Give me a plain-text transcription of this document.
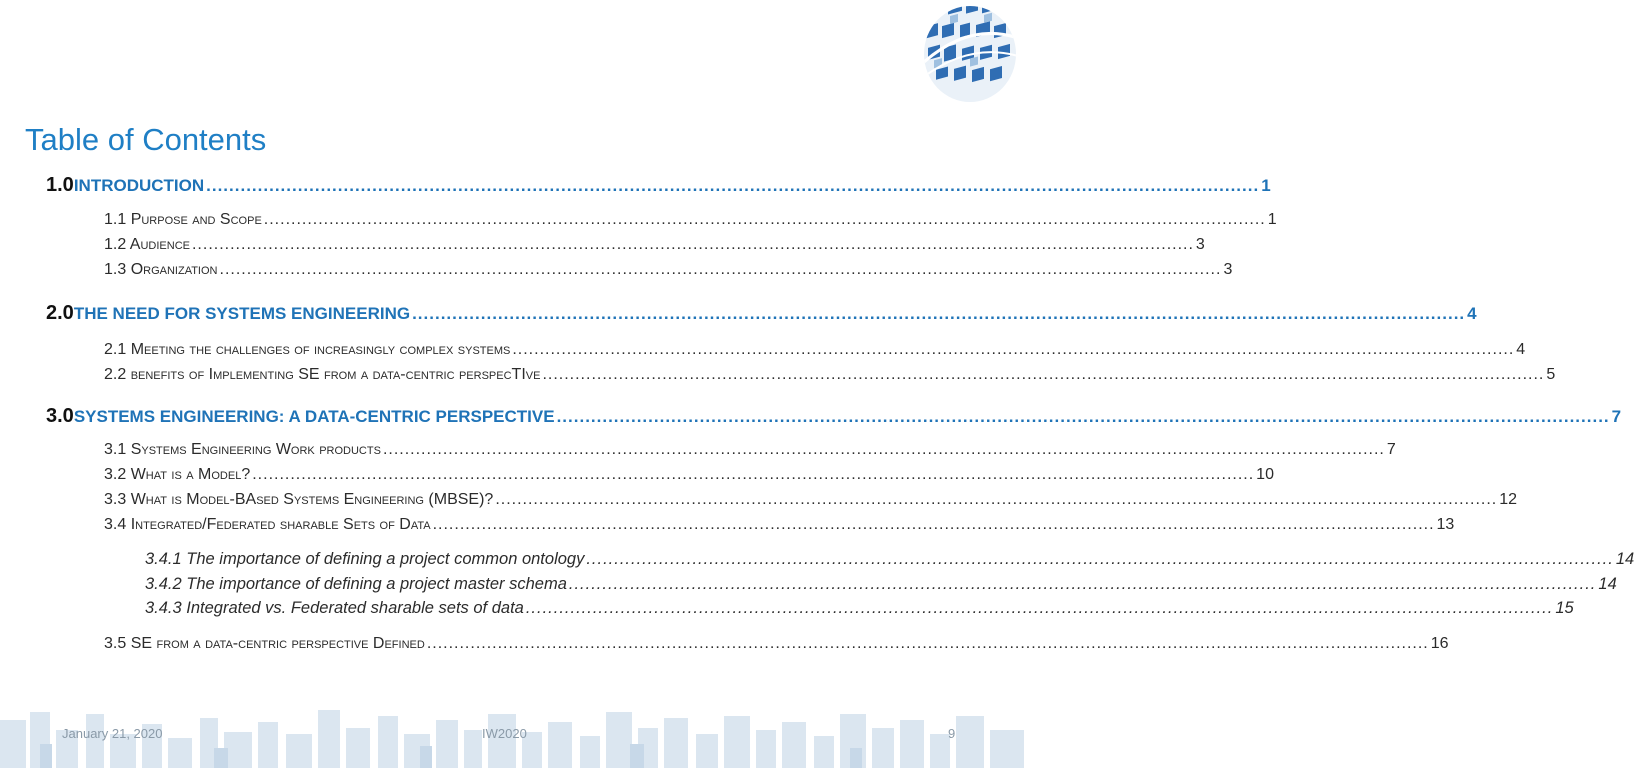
Table of Contents
1.0 INTRODUCTION ........................................................................................................................................................................................ 1
1.1 Purpose and Scope ........................................................................................................................................................................................ 1
1.2 Audience ........................................................................................................................................................................................ 3
1.3 Organization ........................................................................................................................................................................................ 3
2.0 THE NEED FOR SYSTEMS ENGINEERING ........................................................................................................................................................................................ 4
2.1 Meeting the challenges of increasingly complex systems ........................................................................................................................................................................................ 4
2.2 benefits of Implementing SE from a data-centric perspecTIve ........................................................................................................................................................................................ 5
3.0 SYSTEMS ENGINEERING: A DATA-CENTRIC PERSPECTIVE ........................................................................................................................................................................................ 7
3.1 Systems Engineering Work products ........................................................................................................................................................................................ 7
3.2 What is a Model? ........................................................................................................................................................................................ 10
3.3 What is Model-BAsed Systems Engineering (MBSE)? ........................................................................................................................................................................................ 12
3.4 Integrated/Federated sharable Sets of Data ........................................................................................................................................................................................ 13
3.4.1 The importance of defining a project common ontology ........................................................................................................................................................................................ 14
3.4.2 The importance of defining a project master schema ........................................................................................................................................................................................ 14
3.4.3 Integrated vs. Federated sharable sets of data ........................................................................................................................................................................................ 15
3.5 SE from a data-centric perspective Defined ........................................................................................................................................................................................ 16
January 21, 2020	IW2020	9
